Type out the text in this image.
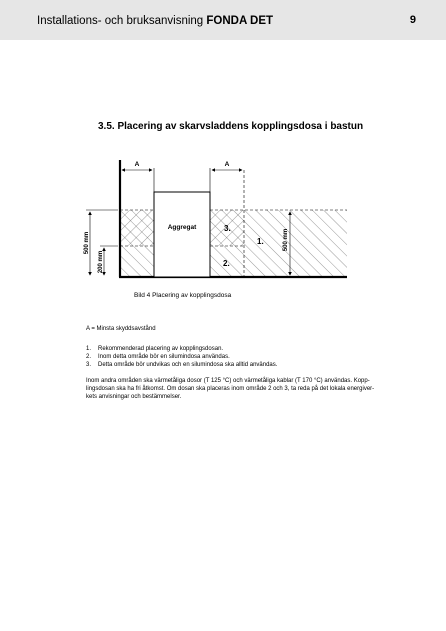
Installations- och bruksanvisning FONDA DET	9
3.5. Placering av skarvsladdens kopplingsdosa i bastun
Aggregat
A	A
1.
2.
3.
500 mm
200 mm
500 mm
Bild 4 Placering av kopplingsdosa
A = Minsta skyddsavstånd
1. Rekommenderad placering av kopplingsdosan.
2. Inom detta område bör en silumindosa användas.
3. Detta område bör undvikas och en silumindosa ska alltid användas.
Inom andra områden ska värmetåliga dosor (T 125 °C) och värmetåliga kablar (T 170 °C) användas. Kopp-
lingsdosan ska ha fri åtkomst. Om dosan ska placeras inom område 2 och 3, ta reda på det lokala energiver-
kets anvisningar och bestämmelser.
